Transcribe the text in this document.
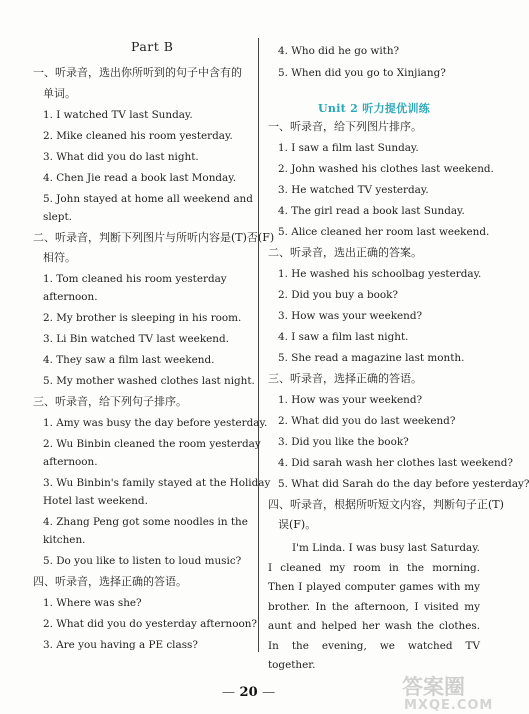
Part B
一、听录音，选出你所听到的句子中含有的
单词。
1. I watched TV last Sunday.
2. Mike cleaned his room yesterday.
3. What did you do last night.
4. Chen Jie read a book last Monday.
5. John stayed at home all weekend and
slept.
二、听录音，判断下列图片与所听内容是(T)否(F)
相符。
1. Tom cleaned his room yesterday
afternoon.
2. My brother is sleeping in his room.
3. Li Bin watched TV last weekend.
4. They saw a film last weekend.
5. My mother washed clothes last night.
三、听录音，给下列句子排序。
1. Amy was busy the day before yesterday.
2. Wu Binbin cleaned the room yesterday
afternoon.
3. Wu Binbin's family stayed at the Holiday
Hotel last weekend.
4. Zhang Peng got some noodles in the
kitchen.
5. Do you like to listen to loud music?
四、听录音，选择正确的答语。
1. Where was she?
2. What did you do yesterday afternoon?
3. Are you having a PE class?
4. Who did he go with?
5. When did you go to Xinjiang?
Unit 2 听力提优训练
一、听录音，给下列图片排序。
1. I saw a film last Sunday.
2. John washed his clothes last weekend.
3. He watched TV yesterday.
4. The girl read a book last Sunday.
5. Alice cleaned her room last weekend.
二、听录音，选出正确的答案。
1. He washed his schoolbag yesterday.
2. Did you buy a book?
3. How was your weekend?
4. I saw a film last night.
5. She read a magazine last month.
三、听录音，选择正确的答语。
1. How was your weekend?
2. What did you do last weekend?
3. Did you like the book?
4. Did sarah wash her clothes last weekend?
5. What did Sarah do the day before yesterday?
四、听录音，根据所听短文内容，判断句子正(T)
误(F)。
I'm Linda. I was busy last Saturday. I cleaned my room in the morning. Then I played computer games with my brother. In the afternoon, I visited my aunt and helped her wash the clothes. In the evening, we watched TV together.
— 20 —	答案圈
MXQE.COM
